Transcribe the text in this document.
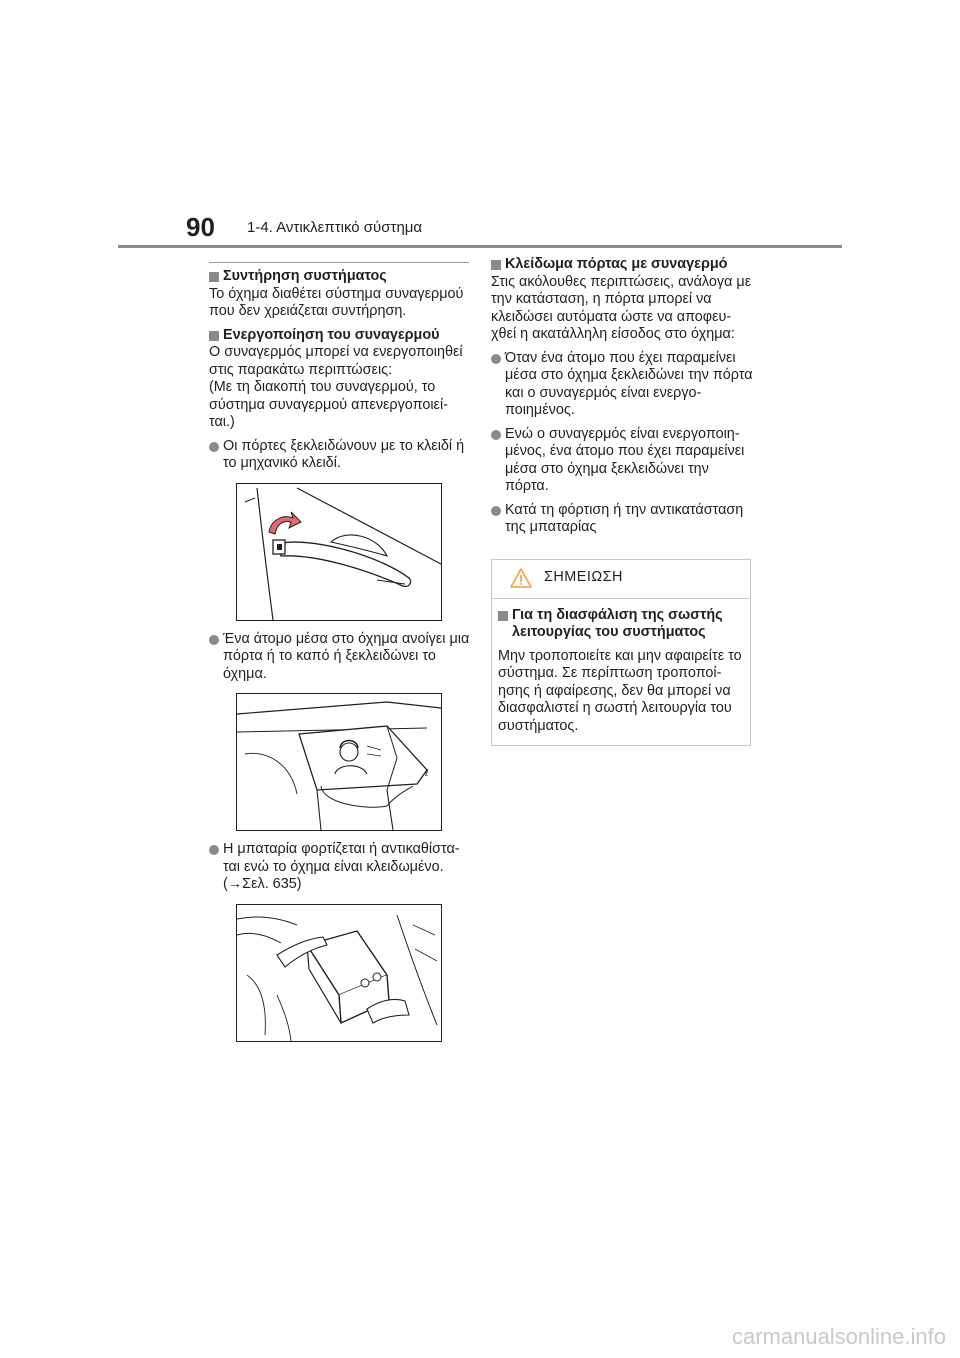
90 1-4. Αντικλεπτικό σύστημα

Συντήρηση συστήματος

Το όχημα διαθέτει σύστημα συναγερμού που δεν χρειάζεται συντήρηση.

Ενεργοποίηση του συναγερμού

Ο συναγερμός μπορεί να ενεργοποιηθεί στις παρακάτω περιπτώσεις:
(Με τη διακοπή του συναγερμού, το σύστημα συναγερμού απενεργοποιεί-ται.)

Οι πόρτες ξεκλειδώνουν με το κλειδί ή το μηχανικό κλειδί.

Ένα άτομο μέσα στο όχημα ανοίγει μια πόρτα ή το καπό ή ξεκλειδώνει το όχημα.

ℓ

Η μπαταρία φορτίζεται ή αντικαθίστα-ται ενώ το όχημα είναι κλειδωμένο. (→Σελ. 635)

Κλείδωμα πόρτας με συναγερμό

Στις ακόλουθες περιπτώσεις, ανάλογα με την κατάσταση, η πόρτα μπορεί να κλειδώσει αυτόματα ώστε να αποφευ-χθεί η ακατάλληλη είσοδος στο όχημα:

Όταν ένα άτομο που έχει παραμείνει μέσα στο όχημα ξεκλειδώνει την πόρτα και ο συναγερμός είναι ενεργο-ποιημένος.

Ενώ ο συναγερμός είναι ενεργοποιη-μένος, ένα άτομο που έχει παραμείνει μέσα στο όχημα ξεκλειδώνει την πόρτα.

Κατά τη φόρτιση ή την αντικατάσταση της μπαταρίας

ΣΗΜΕΙΩΣΗ

Για τη διασφάλιση της σωστής λειτουργίας του συστήματος

Μην τροποποιείτε και μην αφαιρείτε το σύστημα. Σε περίπτωση τροποποί-ησης ή αφαίρεσης, δεν θα μπορεί να διασφαλιστεί η σωστή λειτουργία του συστήματος.

carmanualsonline.info
